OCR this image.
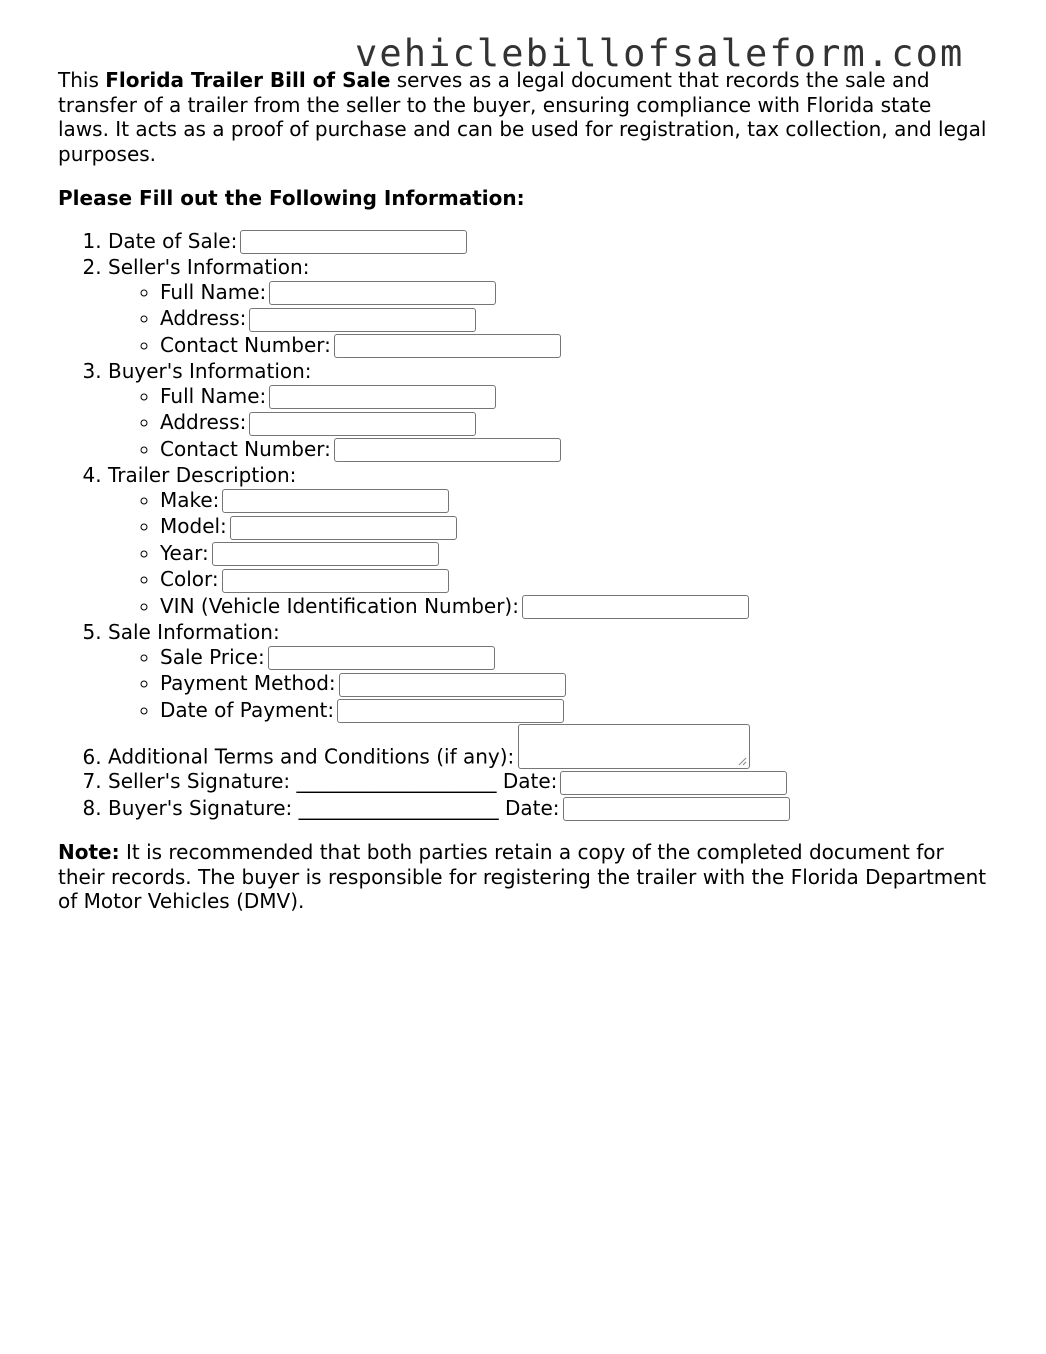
vehiclebillofsaleform.com

This Florida Trailer Bill of Sale serves as a legal document that records the sale and transfer of a trailer from the seller to the buyer, ensuring compliance with Florida state laws. It acts as a proof of purchase and can be used for registration, tax collection, and legal purposes.

Please Fill out the Following Information:

1. Date of Sale:
2. Seller's Information:
◦ Full Name:
◦ Address:
◦ Contact Number:
3. Buyer's Information:
◦ Full Name:
◦ Address:
◦ Contact Number:
4. Trailer Description:
◦ Make:
◦ Model:
◦ Year:
◦ Color:
◦ VIN (Vehicle Identification Number):
5. Sale Information:
◦ Sale Price:
◦ Payment Method:
◦ Date of Payment:
6. Additional Terms and Conditions (if any):
7. Seller's Signature: ____________________ Date:
8. Buyer's Signature: ____________________ Date:

Note: It is recommended that both parties retain a copy of the completed document for their records. The buyer is responsible for registering the trailer with the Florida Department of Motor Vehicles (DMV).
